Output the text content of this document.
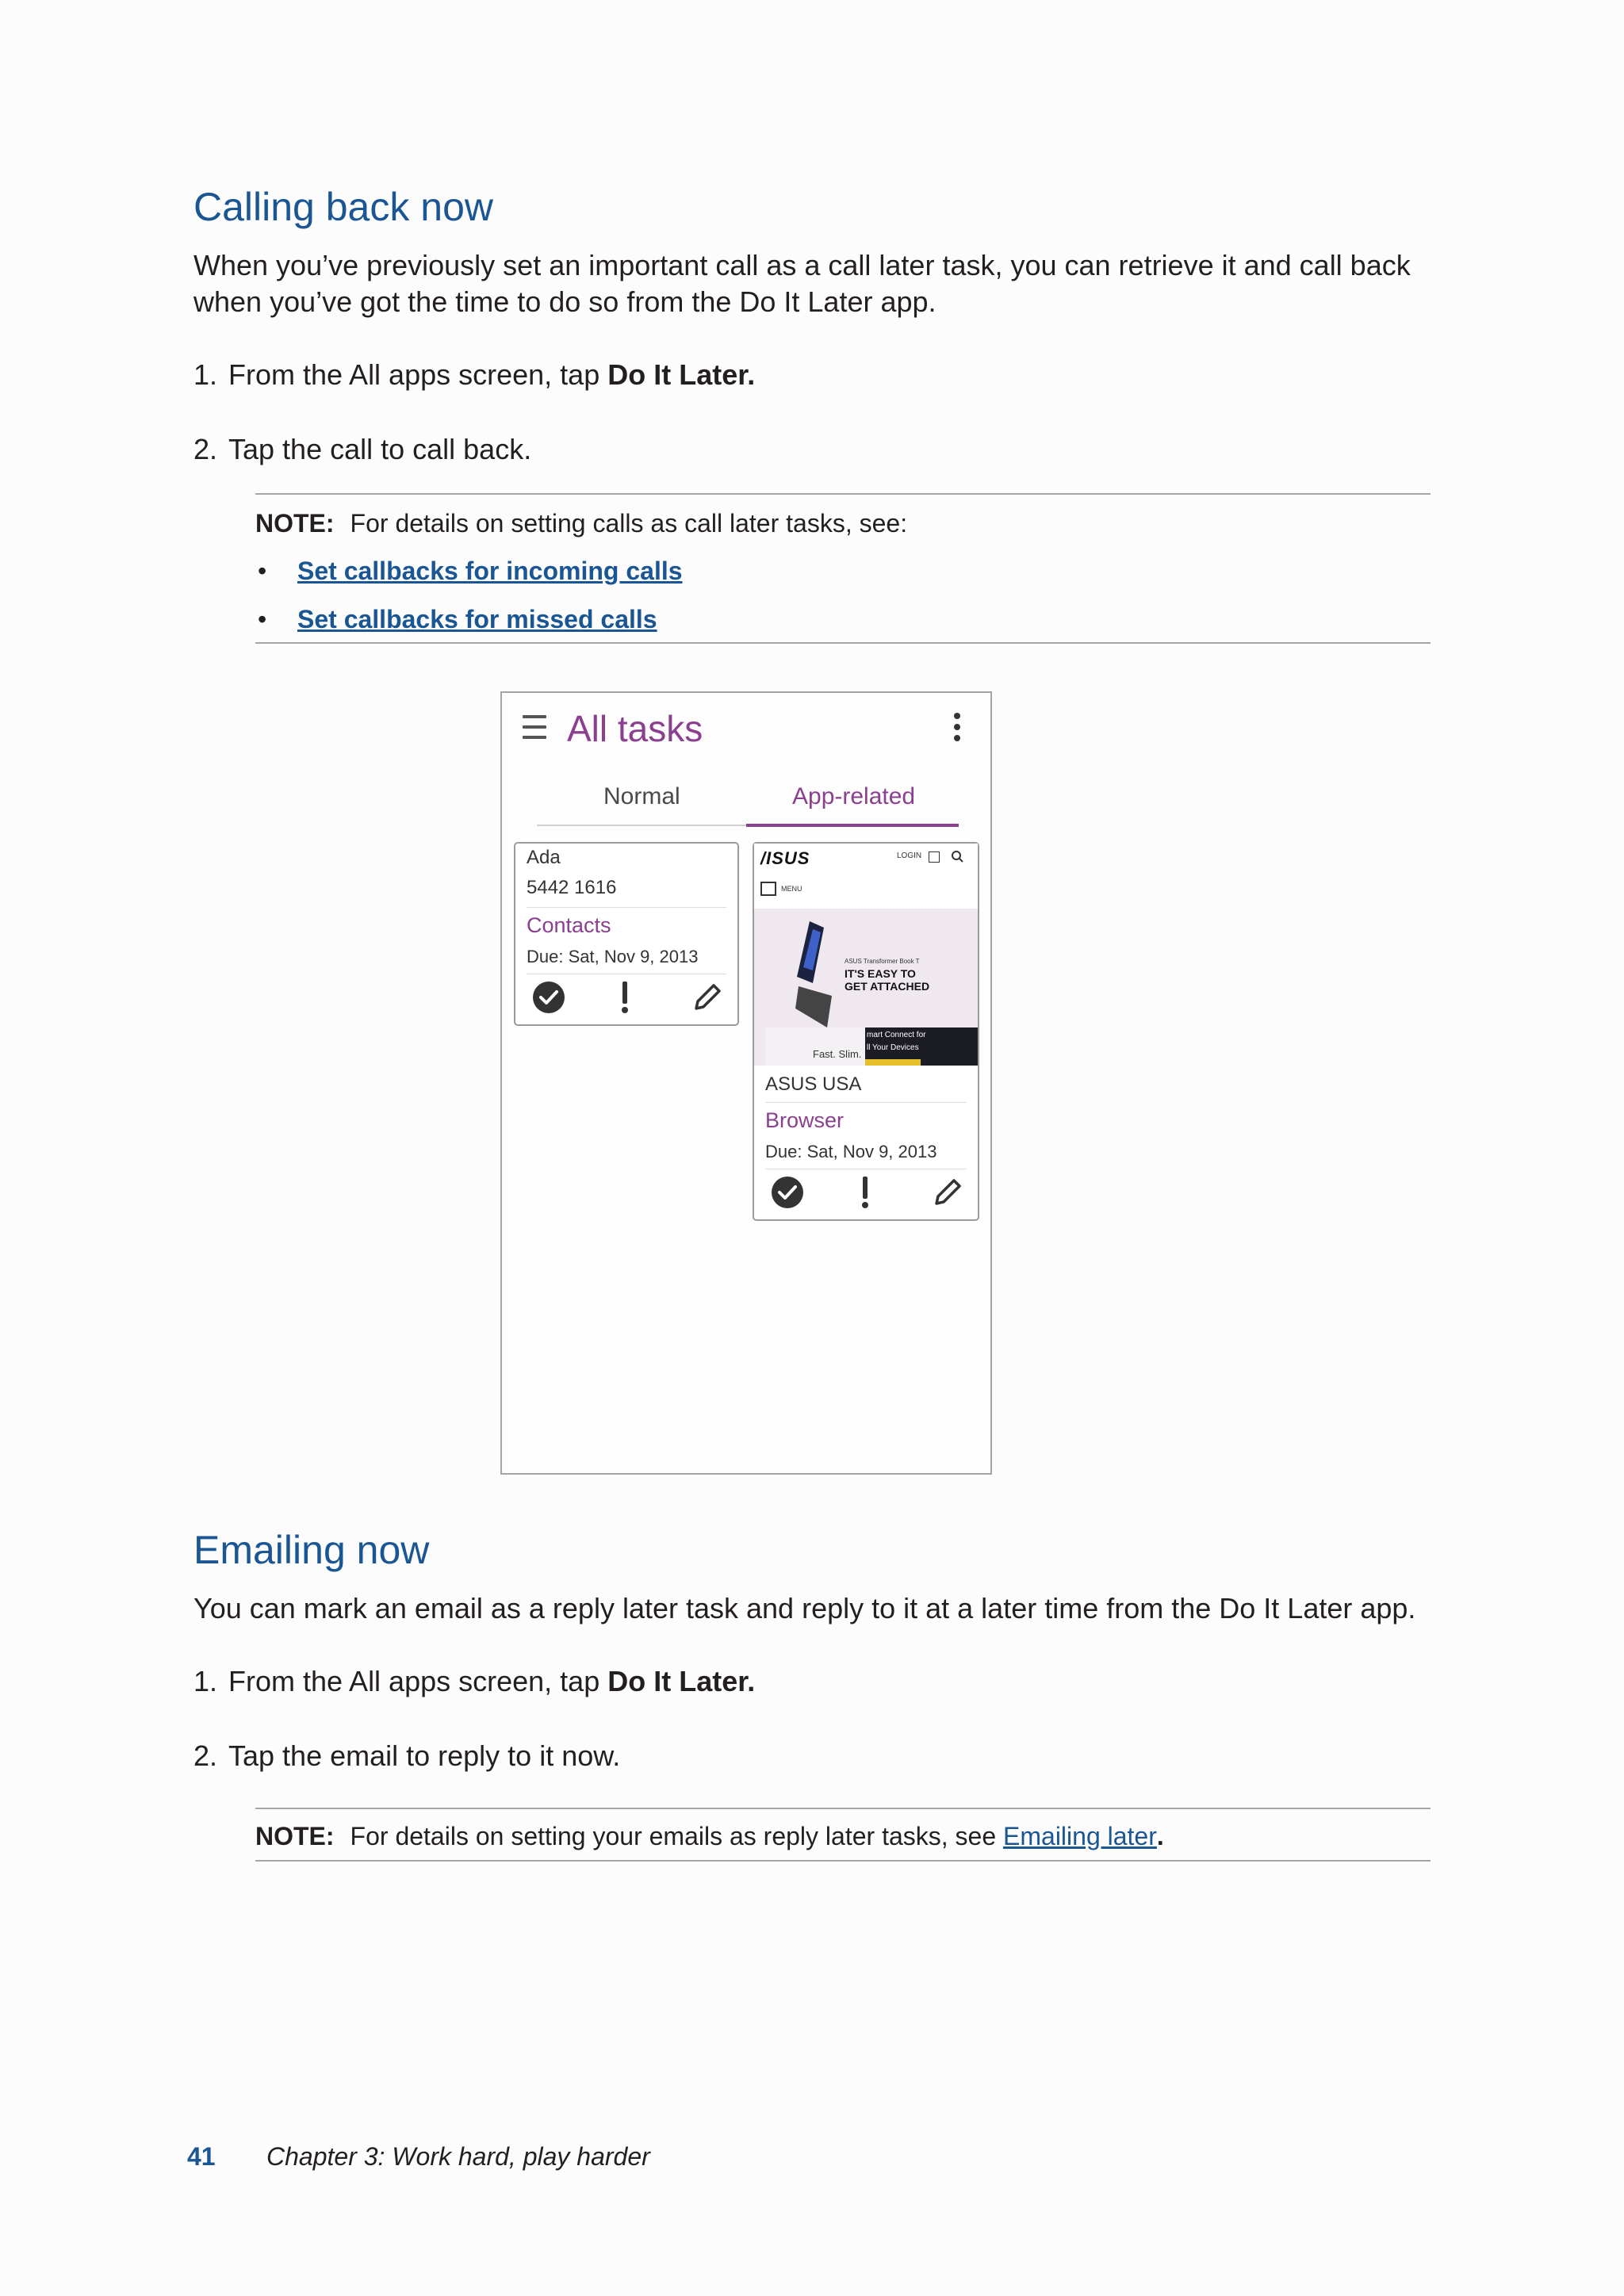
Calling back now

When you’ve previously set an important call as a call later task, you can retrieve it and call back
when you’ve got the time to do so from the Do It Later app.

1. From the All apps screen, tap Do It Later.

2. Tap the call to call back.

NOTE: For details on setting calls as call later tasks, see:

• Set callbacks for incoming calls

• Set callbacks for missed calls

All tasks
Normal	App-related
Ada
5442 1616
Contacts
Due: Sat, Nov 9, 2013
/ISUS	LOGIN
MENU
ASUS Transformer Book T
IT'S EASY TO
GET ATTACHED
Fast. Slim.
mart Connect for
ll Your Devices
ASUS USA
Browser
Due: Sat, Nov 9, 2013
Emailing now

You can mark an email as a reply later task and reply to it at a later time from the Do It Later app.

1. From the All apps screen, tap Do It Later.

2. Tap the email to reply to it now.

NOTE: For details on setting your emails as reply later tasks, see Emailing later.

41 Chapter 3: Work hard, play harder
